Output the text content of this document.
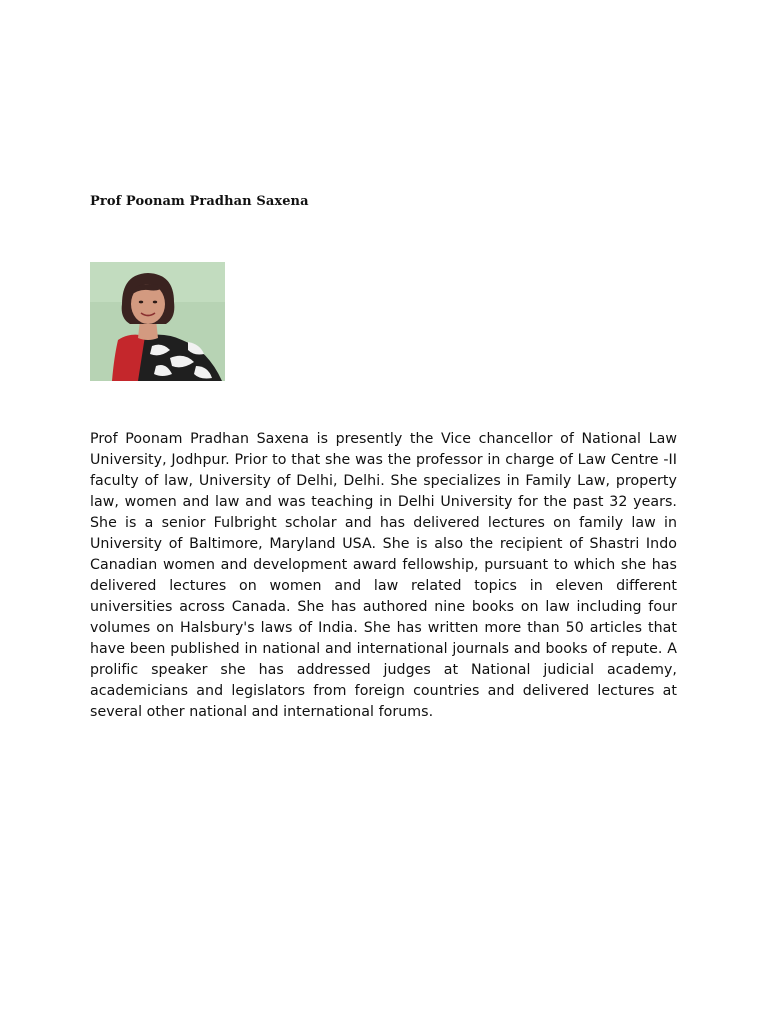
Prof Poonam Pradhan Saxena

Prof Poonam Pradhan Saxena is presently the Vice chancellor of National Law University, Jodhpur. Prior to that she was the professor in charge of Law Centre -II faculty of law, University of Delhi, Delhi. She specializes in Family Law, property law, women and law and was teaching in Delhi University for the past 32 years. She is a senior Fulbright scholar and has delivered lectures on family law in University of Baltimore, Maryland USA. She is also the recipient of Shastri Indo Canadian women and development award fellowship, pursuant to which she has delivered lectures on women and law related topics in eleven different universities across Canada. She has authored nine books on law including four volumes on Halsbury's laws of India. She has written more than 50 articles that have been published in national and international journals and books of repute. A prolific speaker she has addressed judges at National judicial academy, academicians and legislators from foreign countries and delivered lectures at several other national and international forums.
